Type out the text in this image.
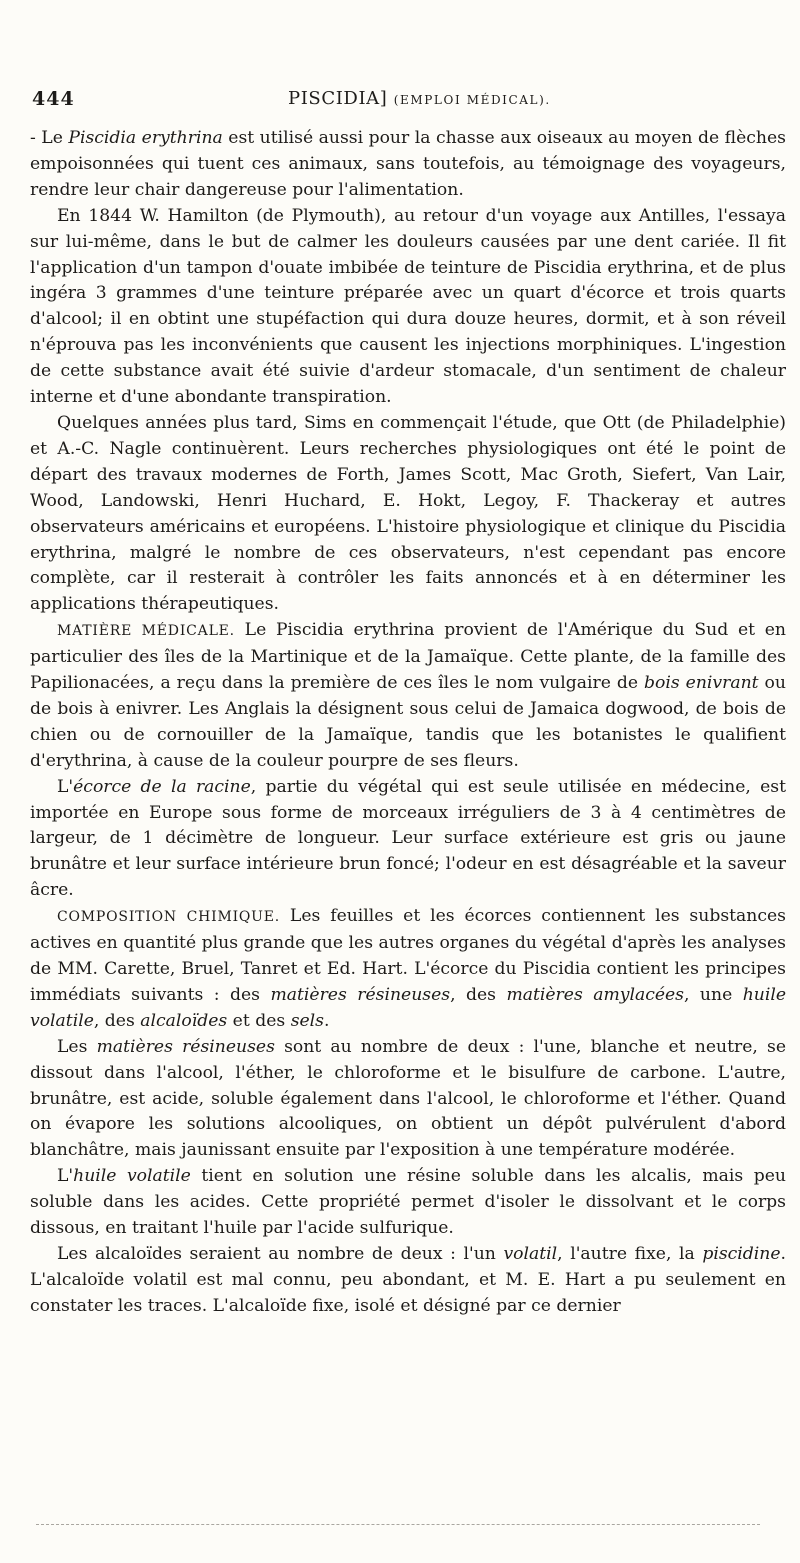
444	PISCIDIA] (EMPLOI MÉDICAL).

- Le Piscidia erythrina est utilisé aussi pour la chasse aux oiseaux au moyen de flèches empoisonnées qui tuent ces animaux, sans toutefois, au témoignage des voyageurs, rendre leur chair dangereuse pour l'alimentation.

En 1844 W. Hamilton (de Plymouth), au retour d'un voyage aux Antilles, l'essaya sur lui-même, dans le but de calmer les douleurs causées par une dent cariée. Il fit l'application d'un tampon d'ouate imbibée de teinture de Piscidia erythrina, et de plus ingéra 3 grammes d'une teinture préparée avec un quart d'écorce et trois quarts d'alcool; il en obtint une stupéfaction qui dura douze heures, dormit, et à son réveil n'éprouva pas les inconvénients que causent les injections morphiniques. L'ingestion de cette substance avait été suivie d'ardeur stomacale, d'un sentiment de chaleur interne et d'une abondante transpiration.

Quelques années plus tard, Sims en commençait l'étude, que Ott (de Philadelphie) et A.-C. Nagle continuèrent. Leurs recherches physiologiques ont été le point de départ des travaux modernes de Forth, James Scott, Mac Groth, Siefert, Van Lair, Wood, Landowski, Henri Huchard, E. Hokt, Legoy, F. Thackeray et autres observateurs américains et européens. L'histoire physiologique et clinique du Piscidia erythrina, malgré le nombre de ces observateurs, n'est cependant pas encore complète, car il resterait à contrôler les faits annoncés et à en déterminer les applications thérapeutiques.

MATIÈRE MÉDICALE. Le Piscidia erythrina provient de l'Amérique du Sud et en particulier des îles de la Martinique et de la Jamaïque. Cette plante, de la famille des Papilionacées, a reçu dans la première de ces îles le nom vulgaire de bois enivrant ou de bois à enivrer. Les Anglais la désignent sous celui de Jamaica dogwood, de bois de chien ou de cornouiller de la Jamaïque, tandis que les botanistes le qualifient d'erythrina, à cause de la couleur pourpre de ses fleurs.

L'écorce de la racine, partie du végétal qui est seule utilisée en médecine, est importée en Europe sous forme de morceaux irréguliers de 3 à 4 centimètres de largeur, de 1 décimètre de longueur. Leur surface extérieure est gris ou jaune brunâtre et leur surface intérieure brun foncé; l'odeur en est désagréable et la saveur âcre.

COMPOSITION CHIMIQUE. Les feuilles et les écorces contiennent les substances actives en quantité plus grande que les autres organes du végétal d'après les analyses de MM. Carette, Bruel, Tanret et Ed. Hart. L'écorce du Piscidia contient les principes immédiats suivants : des matières résineuses, des matières amylacées, une huile volatile, des alcaloïdes et des sels.

Les matières résineuses sont au nombre de deux : l'une, blanche et neutre, se dissout dans l'alcool, l'éther, le chloroforme et le bisulfure de carbone. L'autre, brunâtre, est acide, soluble également dans l'alcool, le chloroforme et l'éther. Quand on évapore les solutions alcooliques, on obtient un dépôt pulvérulent d'abord blanchâtre, mais jaunissant ensuite par l'exposition à une température modérée.

L'huile volatile tient en solution une résine soluble dans les alcalis, mais peu soluble dans les acides. Cette propriété permet d'isoler le dissolvant et le corps dissous, en traitant l'huile par l'acide sulfurique.

Les alcaloïdes seraient au nombre de deux : l'un volatil, l'autre fixe, la piscidine. L'alcaloïde volatil est mal connu, peu abondant, et M. E. Hart a pu seulement en constater les traces. L'alcaloïde fixe, isolé et désigné par ce dernier
